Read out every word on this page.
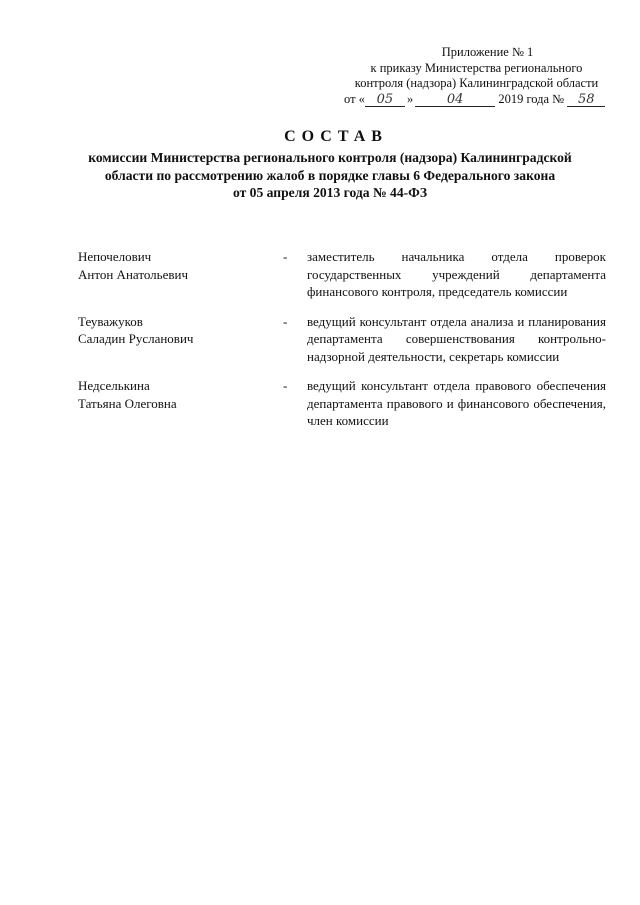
Приложение № 1
к приказу Министерства регионального
контроля (надзора) Калининградской области
от « 05 »	04	2019 года № 58
СОСТАВ
комиссии Министерства регионального контроля (надзора) Калининградской
области по рассмотрению жалоб в порядке главы 6 Федерального закона
от 05 апреля 2013 года № 44-ФЗ
Непочелович
Антон Анатольевич
-	заместитель начальника отдела проверок государственных учреждений департамента финансового контроля, председатель комиссии
Теуважуков
Саладин Русланович
-	ведущий консультант отдела анализа и планирования департамента совершенствования контрольно-надзорной деятельности, секретарь комиссии
Недселькина
Татьяна Олеговна
-	ведущий консультант отдела правового обеспечения департамента правового и финансового обеспечения, член комиссии
